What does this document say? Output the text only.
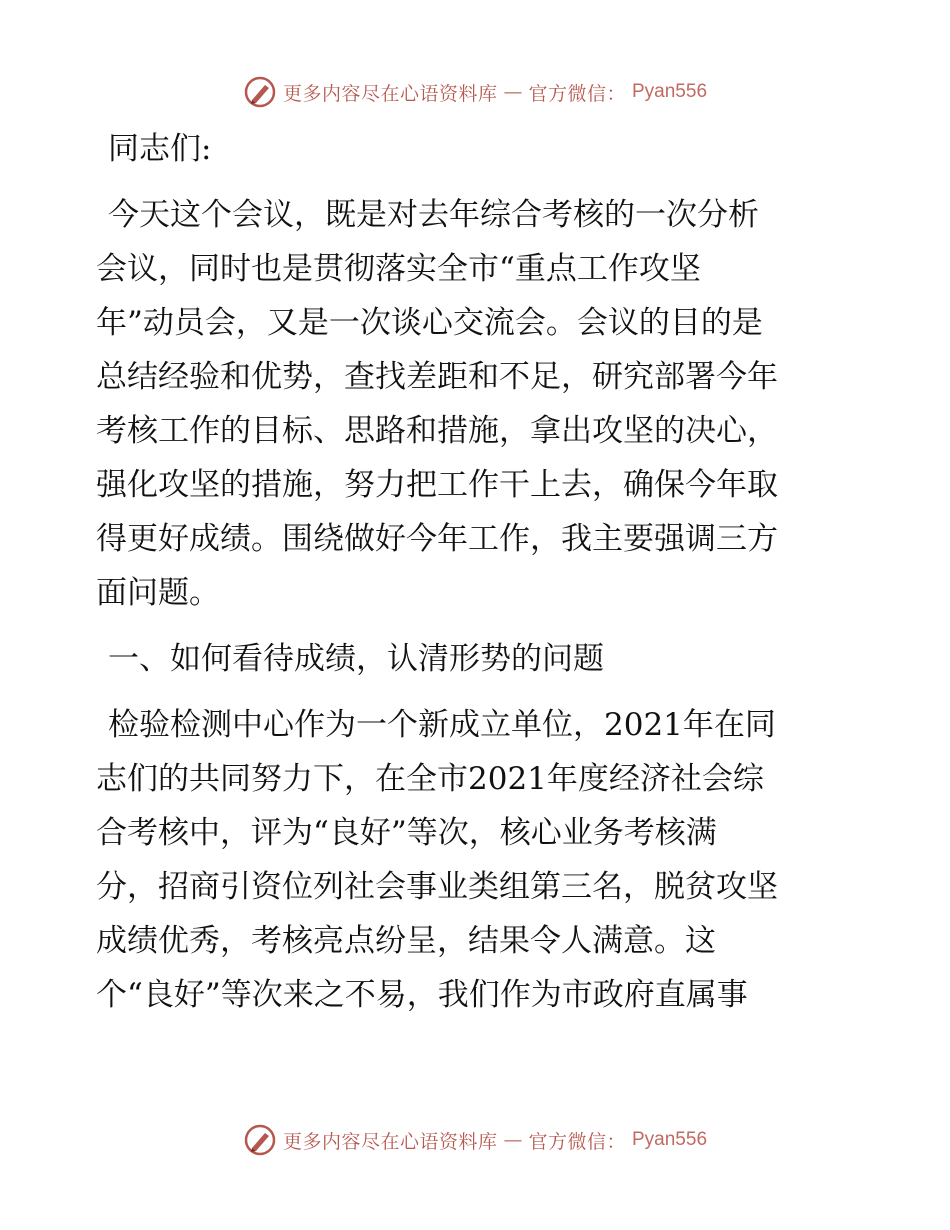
更多内容尽在心语资料库 — 官方微信： Pyan556
同志们:
今天这个会议，既是对去年综合考核的一次分析
会议，同时也是贯彻落实全市“重点工作攻坚
年”动员会，又是一次谈心交流会。会议的目的是
总结经验和优势，查找差距和不足，研究部署今年
考核工作的目标、思路和措施，拿出攻坚的决心，
强化攻坚的措施，努力把工作干上去，确保今年取
得更好成绩。围绕做好今年工作，我主要强调三方
面问题。
一、如何看待成绩，认清形势的问题
检验检测中心作为一个新成立单位，2021年在同
志们的共同努力下，在全市2021年度经济社会综
合考核中，评为“良好”等次，核心业务考核满
分，招商引资位列社会事业类组第三名，脱贫攻坚
成绩优秀，考核亮点纷呈，结果令人满意。这
个“良好”等次来之不易，我们作为市政府直属事
更多内容尽在心语资料库 — 官方微信： Pyan556
